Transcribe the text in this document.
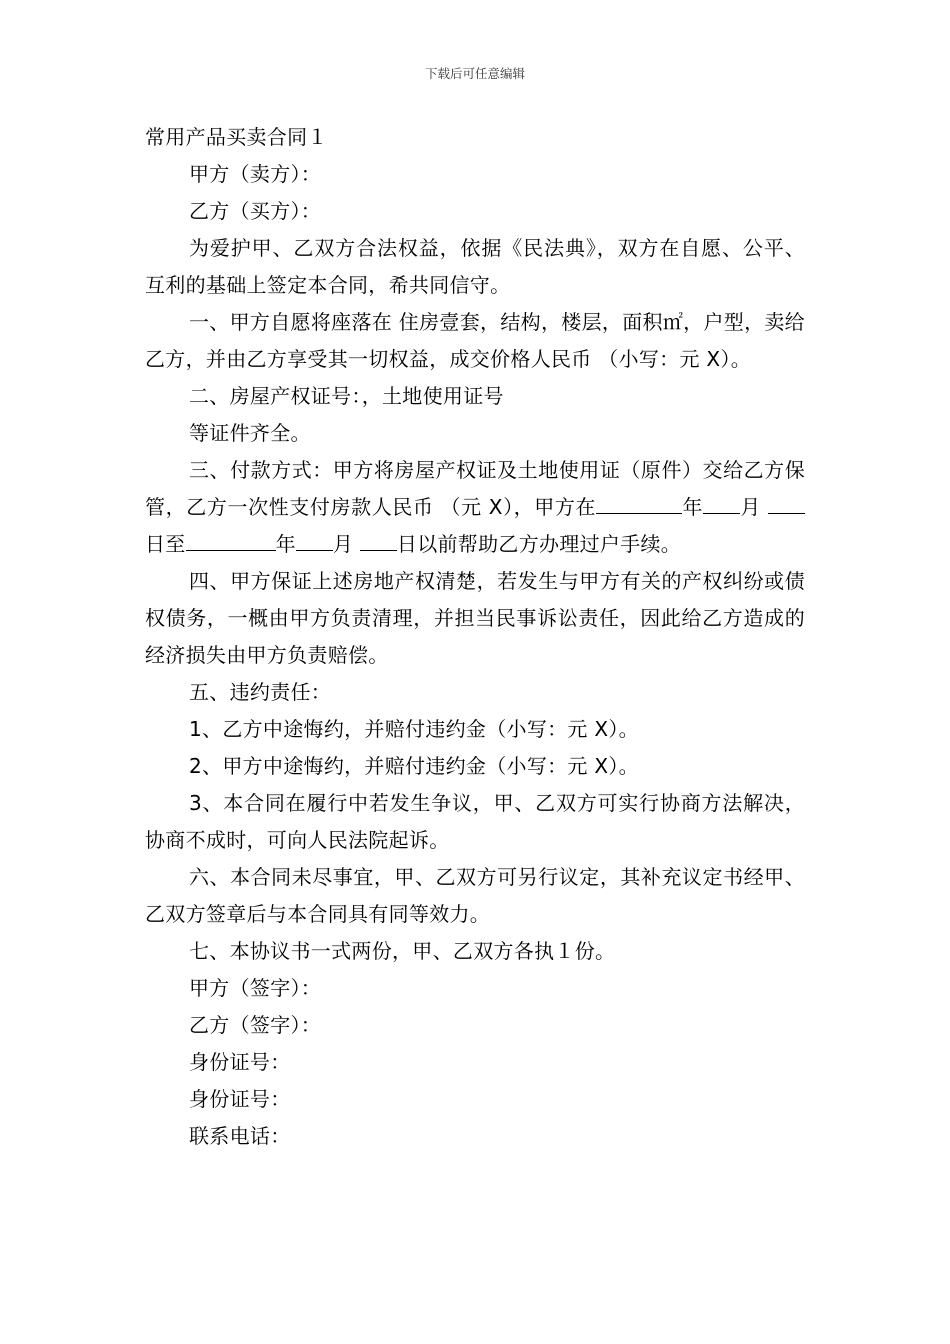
下载后可任意编辑

常用产品买卖合同１

甲方（卖方）：

乙方（买方）：

为爱护甲、乙双方合法权益，依据《民法典》，双方在自愿、公平、互利的基础上签定本合同，希共同信守。

一、甲方自愿将座落在 住房壹套，结构，楼层，面积㎡，户型，卖给乙方，并由乙方享受其一切权益，成交价格人民币 （小写：元 X）。

二、房屋产权证号：，土地使用证号

等证件齐全。

三、付款方式：甲方将房屋产权证及土地使用证（原件）交给乙方保管，乙方一次性支付房款人民币 （元 X），甲方在	年 月 日至	年 月 日以前帮助乙方办理过户手续。

四、甲方保证上述房地产权清楚，若发生与甲方有关的产权纠纷或债权债务，一概由甲方负责清理，并担当民事诉讼责任，因此给乙方造成的经济损失由甲方负责赔偿。

五、违约责任：

1、乙方中途悔约，并赔付违约金（小写：元 X）。

2、甲方中途悔约，并赔付违约金（小写：元 X）。

3、本合同在履行中若发生争议，甲、乙双方可实行协商方法解决，协商不成时，可向人民法院起诉。

六、本合同未尽事宜，甲、乙双方可另行议定，其补充议定书经甲、乙双方签章后与本合同具有同等效力。

七、本协议书一式两份，甲、乙双方各执１份。

甲方（签字）：

乙方（签字）：

身份证号：

身份证号：

联系电话：
